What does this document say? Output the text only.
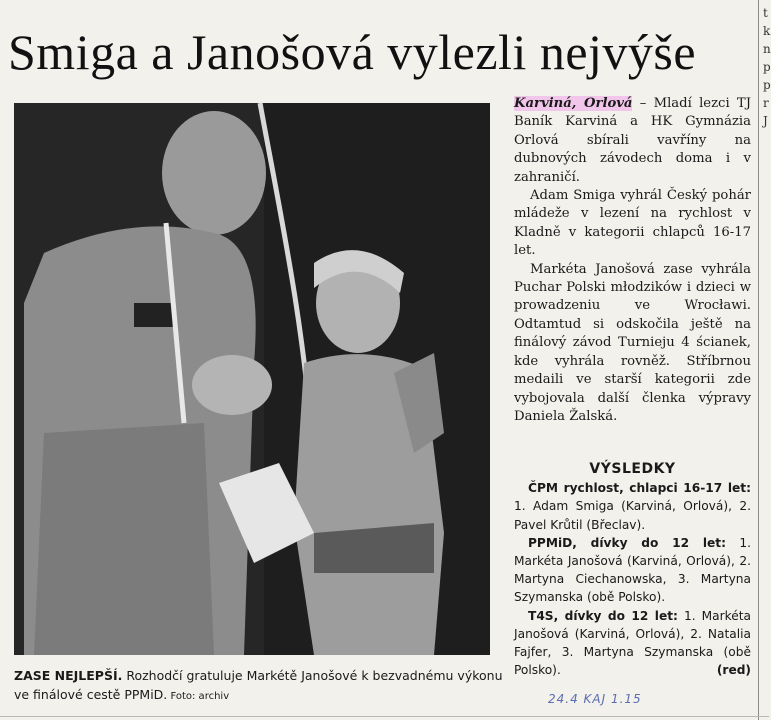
Smiga a Janošová vylezli nejvýše
ZASE NEJLEPŠÍ. Rozhodčí gratuluje Markétě Janošové k bezvadnému výkonu ve finálové cestě PPMiD. Foto: archiv

Karviná, Orlová – Mladí lezci TJ Baník Karviná a HK Gymnázia Orlová sbírali vavříny na dubnových závodech doma i v zahraničí.

Adam Smiga vyhrál Český pohár mládeže v lezení na rychlost v Kladně v kategorii chlapců 16-17 let.

Markéta Janošová zase vyhrála Puchar Polski młodzików i dzieci w prowadzeniu ve Wrocławi. Odtamtud si odskočila ještě na finálový závod Turnieju 4 ścianek, kde vyhrála rovněž. Stříbrnou medaili ve starší kategorii zde vybojovala další členka výpravy Daniela Žalská.

VÝSLEDKY

ČPM rychlost, chlapci 16-17 let: 1. Adam Smiga (Karviná, Orlová), 2. Pavel Krůtil (Břeclav).

PPMiD, dívky do 12 let: 1. Markéta Janošová (Karviná, Orlová), 2. Martyna Ciechanowska, 3. Martyna Szymanska (obě Polsko).

T4S, dívky do 12 let: 1. Markéta Janošová (Karviná, Orlová), 2. Natalia Fajfer, 3. Martyna Szymanska (obě Polsko).	(red)

24.4 KAJ 1.15
t
k
n
p
p
r
J
